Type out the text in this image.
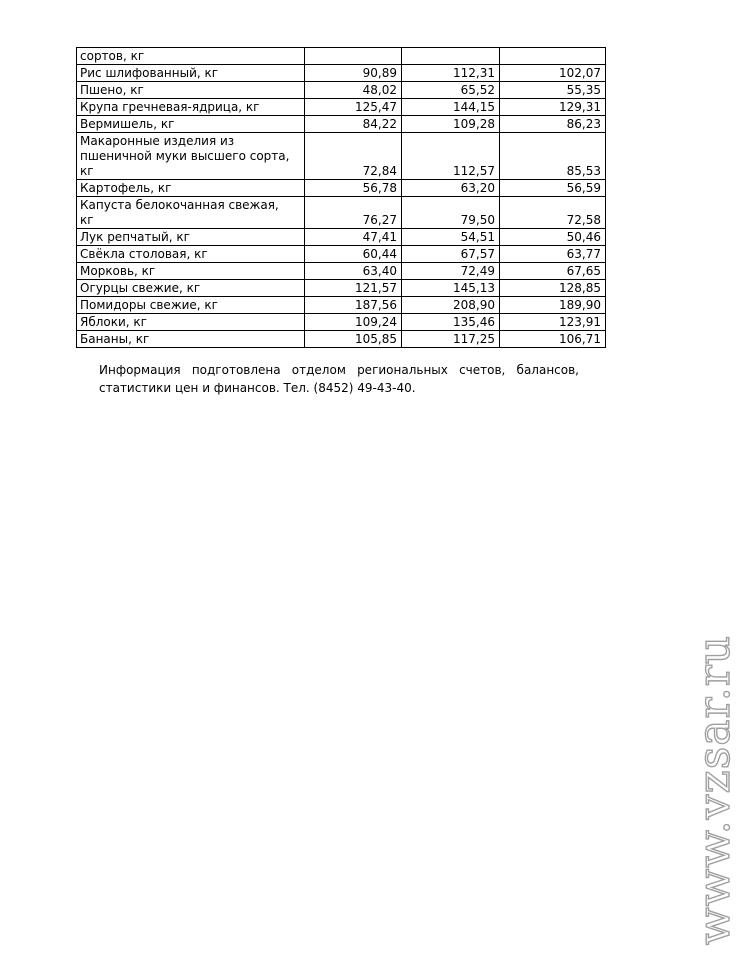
сортов, кг			
Рис шлифованный, кг	90,89	112,31	102,07
Пшено, кг	48,02	65,52	55,35
Крупа гречневая-ядрица, кг	125,47	144,15	129,31
Вермишель, кг	84,22	109,28	86,23
Макаронные изделия из
пшеничной муки высшего сорта,
кг	72,84	112,57	85,53
Картофель, кг	56,78	63,20	56,59
Капуста белокочанная свежая,
кг	76,27	79,50	72,58
Лук репчатый, кг	47,41	54,51	50,46
Свёкла столовая, кг	60,44	67,57	63,77
Морковь, кг	63,40	72,49	67,65
Огурцы свежие, кг	121,57	145,13	128,85
Помидоры свежие, кг	187,56	208,90	189,90
Яблоки, кг	109,24	135,46	123,91
Бананы, кг	105,85	117,25	106,71
Информация подготовлена отделом региональных счетов, балансов, статистики цен и финансов. Тел. (8452) 49-43-40.
www.vzsar.ru
